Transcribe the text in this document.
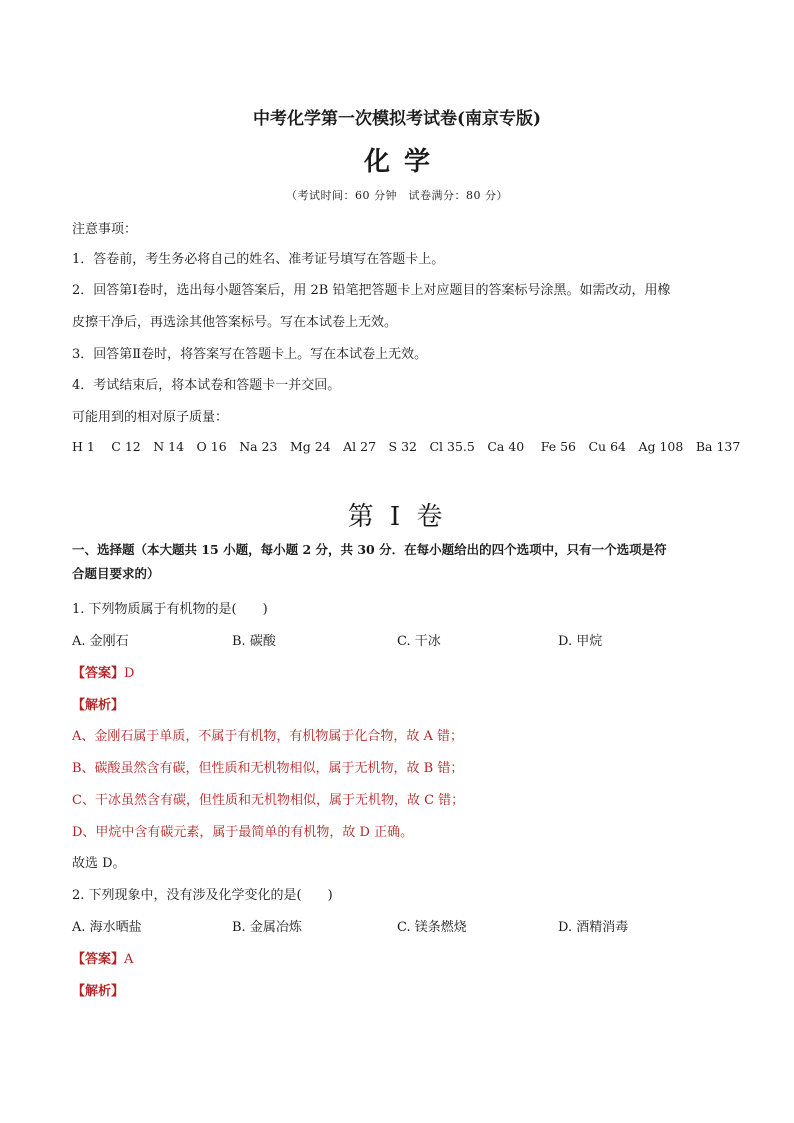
中考化学第一次模拟考试卷(南京专版)
化学
（考试时间：60 分钟　试卷满分：80 分）
注意事项：
1．答卷前，考生务必将自己的姓名、准考证号填写在答题卡上。
2．回答第Ⅰ卷时，选出每小题答案后，用 2B 铅笔把答题卡上对应题目的答案标号涂黑。如需改动，用橡
皮擦干净后，再选涂其他答案标号。写在本试卷上无效。
3．回答第Ⅱ卷时，将答案写在答题卡上。写在本试卷上无效。
4．考试结束后，将本试卷和答题卡一并交回。
可能用到的相对原子质量：
H 1　 C 12　N 14　O 16　Na 23　Mg 24　Al 27　S 32　Cl 35.5　Ca 40　 Fe 56　Cu 64　Ag 108　Ba 137
第 I 卷
一、选择题（本大题共 15 小题，每小题 2 分，共 30 分．在每小题给出的四个选项中，只有一个选项是符
合题目要求的）
1. 下列物质属于有机物的是(　　)
A. 金刚石	B. 碳酸	C. 干冰	D. 甲烷
【答案】D
【解析】
A、金刚石属于单质，不属于有机物，有机物属于化合物，故 A 错；
B、碳酸虽然含有碳，但性质和无机物相似，属于无机物，故 B 错；
C、干冰虽然含有碳，但性质和无机物相似，属于无机物，故 C 错；
D、甲烷中含有碳元素，属于最简单的有机物，故 D 正确。
故选 D。
2. 下列现象中，没有涉及化学变化的是(　　)
A. 海水晒盐	B. 金属冶炼	C. 镁条燃烧	D. 酒精消毒
【答案】A
【解析】
